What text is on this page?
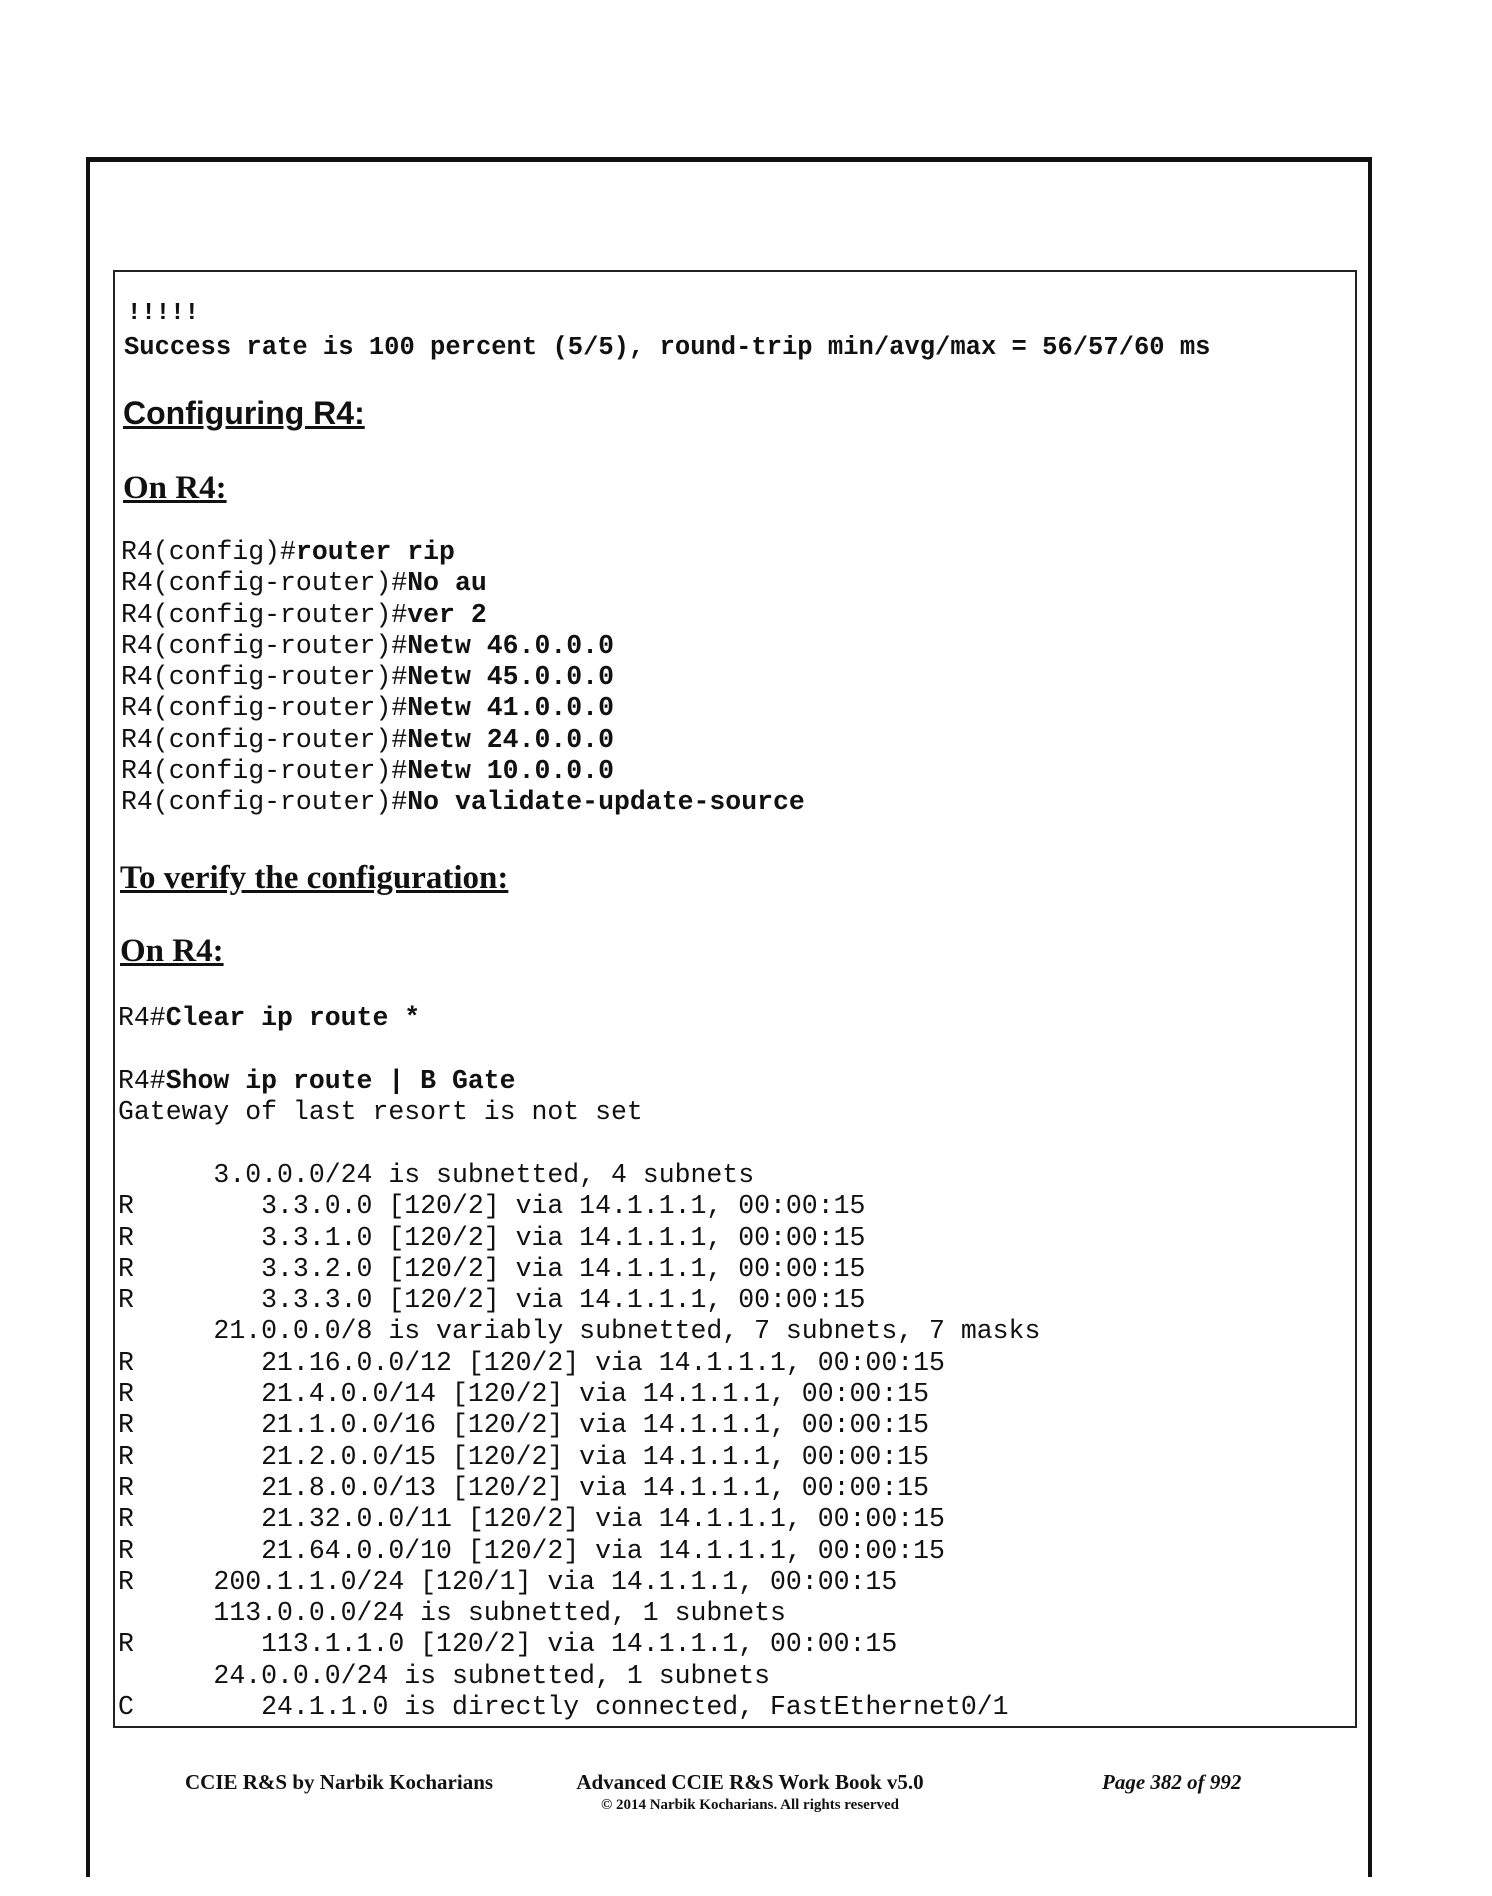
!!!!!
Success rate is 100 percent (5/5), round-trip min/avg/max = 56/57/60 ms
Configuring R4:
On R4:
R4(config)#router rip
R4(config-router)#No au
R4(config-router)#ver 2
R4(config-router)#Netw 46.0.0.0
R4(config-router)#Netw 45.0.0.0
R4(config-router)#Netw 41.0.0.0
R4(config-router)#Netw 24.0.0.0
R4(config-router)#Netw 10.0.0.0
R4(config-router)#No validate-update-source
To verify the configuration:
On R4:
R4#Clear ip route *
R4#Show ip route | B Gate
Gateway of last resort is not set
3.0.0.0/24 is subnetted, 4 subnets
R        3.3.0.0 [120/2] via 14.1.1.1, 00:00:15
R        3.3.1.0 [120/2] via 14.1.1.1, 00:00:15
R        3.3.2.0 [120/2] via 14.1.1.1, 00:00:15
R        3.3.3.0 [120/2] via 14.1.1.1, 00:00:15
21.0.0.0/8 is variably subnetted, 7 subnets, 7 masks
R        21.16.0.0/12 [120/2] via 14.1.1.1, 00:00:15
R        21.4.0.0/14 [120/2] via 14.1.1.1, 00:00:15
R        21.1.0.0/16 [120/2] via 14.1.1.1, 00:00:15
R        21.2.0.0/15 [120/2] via 14.1.1.1, 00:00:15
R        21.8.0.0/13 [120/2] via 14.1.1.1, 00:00:15
R        21.32.0.0/11 [120/2] via 14.1.1.1, 00:00:15
R        21.64.0.0/10 [120/2] via 14.1.1.1, 00:00:15
R     200.1.1.0/24 [120/1] via 14.1.1.1, 00:00:15
113.0.0.0/24 is subnetted, 1 subnets
R        113.1.1.0 [120/2] via 14.1.1.1, 00:00:15
24.0.0.0/24 is subnetted, 1 subnets
C        24.1.1.0 is directly connected, FastEthernet0/1
CCIE R&S by Narbik Kocharians	Advanced CCIE R&S Work Book v5.0
© 2014 Narbik Kocharians. All rights reserved
Page 382 of 992
